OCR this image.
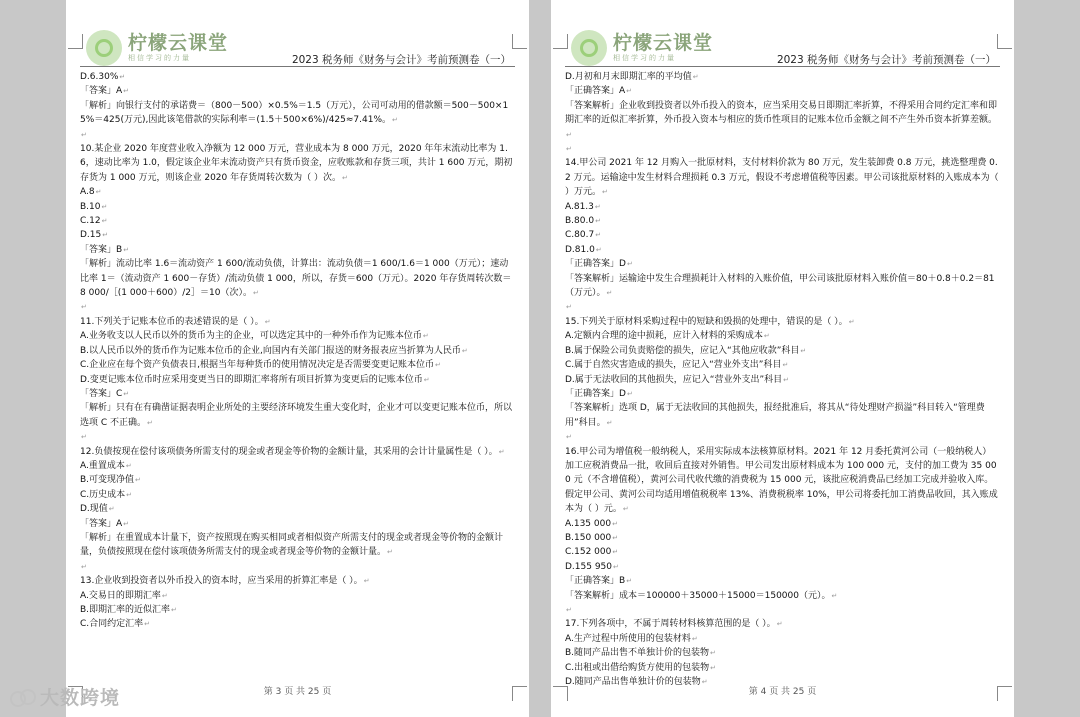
柠檬云课堂
相信学习的力量	2023 税务师《财务与会计》考前预测卷（一）

D.6.30% ↵

「答案」A ↵

「解析」向银行支付的承诺费＝（800－500）×0.5%＝1.5（万元），公司可动用的借款额＝500－500×15%＝425(万元),因此该笔借款的实际利率＝(1.5＋500×6%)/425≈7.41%。 ↵

↵

10.某企业 2020 年度营业收入净额为 12 000 万元，营业成本为 8 000 万元，2020 年年末流动比率为 1.6，速动比率为 1.0，假定该企业年末流动资产只有货币资金，应收账款和存货三项，共计 1 600 万元，期初存货为 1 000 万元，则该企业 2020 年存货周转次数为（ ）次。 ↵

A.8 ↵

B.10 ↵

C.12 ↵

D.15 ↵

「答案」B ↵

「解析」流动比率 1.6＝流动资产 1 600/流动负债，计算出：流动负债＝1 600/1.6＝1 000（万元）；速动比率 1＝（流动资产 1 600－存货）/流动负债 1 000，所以，存货＝600（万元）。2020 年存货周转次数＝8 000/［(1 000＋600）/2］＝10（次）。 ↵

↵

11.下列关于记账本位币的表述错误的是（ ）。 ↵

A.业务收支以人民币以外的货币为主的企业，可以选定其中的一种外币作为记账本位币 ↵

B.以人民币以外的货币作为记账本位币的企业,向国内有关部门报送的财务报表应当折算为人民币 ↵

C.企业应在每个资产负债表日,根据当年每种货币的使用情况决定是否需要变更记账本位币 ↵

D.变更记账本位币时应采用变更当日的即期汇率将所有项目折算为变更后的记账本位币 ↵

「答案」C ↵

「解析」只有在有确凿证据表明企业所处的主要经济环境发生重大变化时，企业才可以变更记账本位币，所以选项 C 不正确。 ↵

↵

12.负债按现在偿付该项债务所需支付的现金或者现金等价物的金额计量，其采用的会计计量属性是（ ）。 ↵

A.重置成本 ↵

B.可变现净值 ↵

C.历史成本 ↵

D.现值 ↵

「答案」A ↵

「解析」在重置成本计量下，资产按照现在购买相同或者相似资产所需支付的现金或者现金等价物的金额计量，负债按照现在偿付该项债务所需支付的现金或者现金等价物的金额计量。 ↵

↵

13.企业收到投资者以外币投入的资本时，应当采用的折算汇率是（ ）。 ↵

A.交易日的即期汇率 ↵

B.即期汇率的近似汇率 ↵

C.合同约定汇率 ↵

第 3 页 共 25 页
柠檬云课堂
相信学习的力量	2023 税务师《财务与会计》考前预测卷（一）

D.月初和月末即期汇率的平均值 ↵

「正确答案」A ↵

「答案解析」企业收到投资者以外币投入的资本，应当采用交易日即期汇率折算，不得采用合同约定汇率和即期汇率的近似汇率折算，外币投入资本与相应的货币性项目的记账本位币金额之间不产生外币资本折算差额。 ↵

↵

14.甲公司 2021 年 12 月购入一批原材料，支付材料价款为 80 万元，发生装卸费 0.8 万元，挑选整理费 0.2 万元。运输途中发生材料合理损耗 0.3 万元，假设不考虑增值税等因素。甲公司该批原材料的入账成本为（ ）万元。 ↵

A.81.3 ↵

B.80.0 ↵

C.80.7 ↵

D.81.0 ↵

「正确答案」D ↵

「答案解析」运输途中发生合理损耗计入材料的入账价值，甲公司该批原材料入账价值＝80＋0.8＋0.2＝81（万元）。 ↵

↵

15.下列关于原材料采购过程中的短缺和毁损的处理中，错误的是（ ）。 ↵

A.定额内合理的途中损耗，应计入材料的采购成本 ↵

B.属于保险公司负责赔偿的损失，应记入“其他应收款”科目 ↵

C.属于自然灾害造成的损失，应记入“营业外支出”科目 ↵

D.属于无法收回的其他损失，应记入“营业外支出”科目 ↵

「正确答案」D ↵

「答案解析」选项 D，属于无法收回的其他损失，报经批准后，将其从“待处理财产损溢”科目转入“管理费用”科目。 ↵

↵

16.甲公司为增值税一般纳税人，采用实际成本法核算原材料。2021 年 12 月委托黄河公司（一般纳税人）加工应税消费品一批，收回后直接对外销售。甲公司发出原材料成本为 100 000 元，支付的加工费为 35 000 元（不含增值税），黄河公司代收代缴的消费税为 15 000 元，该批应税消费品已经加工完成并验收入库。假定甲公司、黄河公司均适用增值税税率 13%、消费税税率 10%，甲公司将委托加工消费品收回，其入账成本为（ ）元。 ↵

A.135 000 ↵

B.150 000 ↵

C.152 000 ↵

D.155 950 ↵

「正确答案」B ↵

「答案解析」成本＝100000＋35000＋15000＝150000（元）。 ↵

↵

17.下列各项中，不属于周转材料核算范围的是（ ）。 ↵

A.生产过程中所使用的包装材料 ↵

B.随同产品出售不单独计价的包装物 ↵

C.出租或出借给购货方使用的包装物 ↵

D.随同产品出售单独计价的包装物 ↵

第 4 页 共 25 页
大数跨境
